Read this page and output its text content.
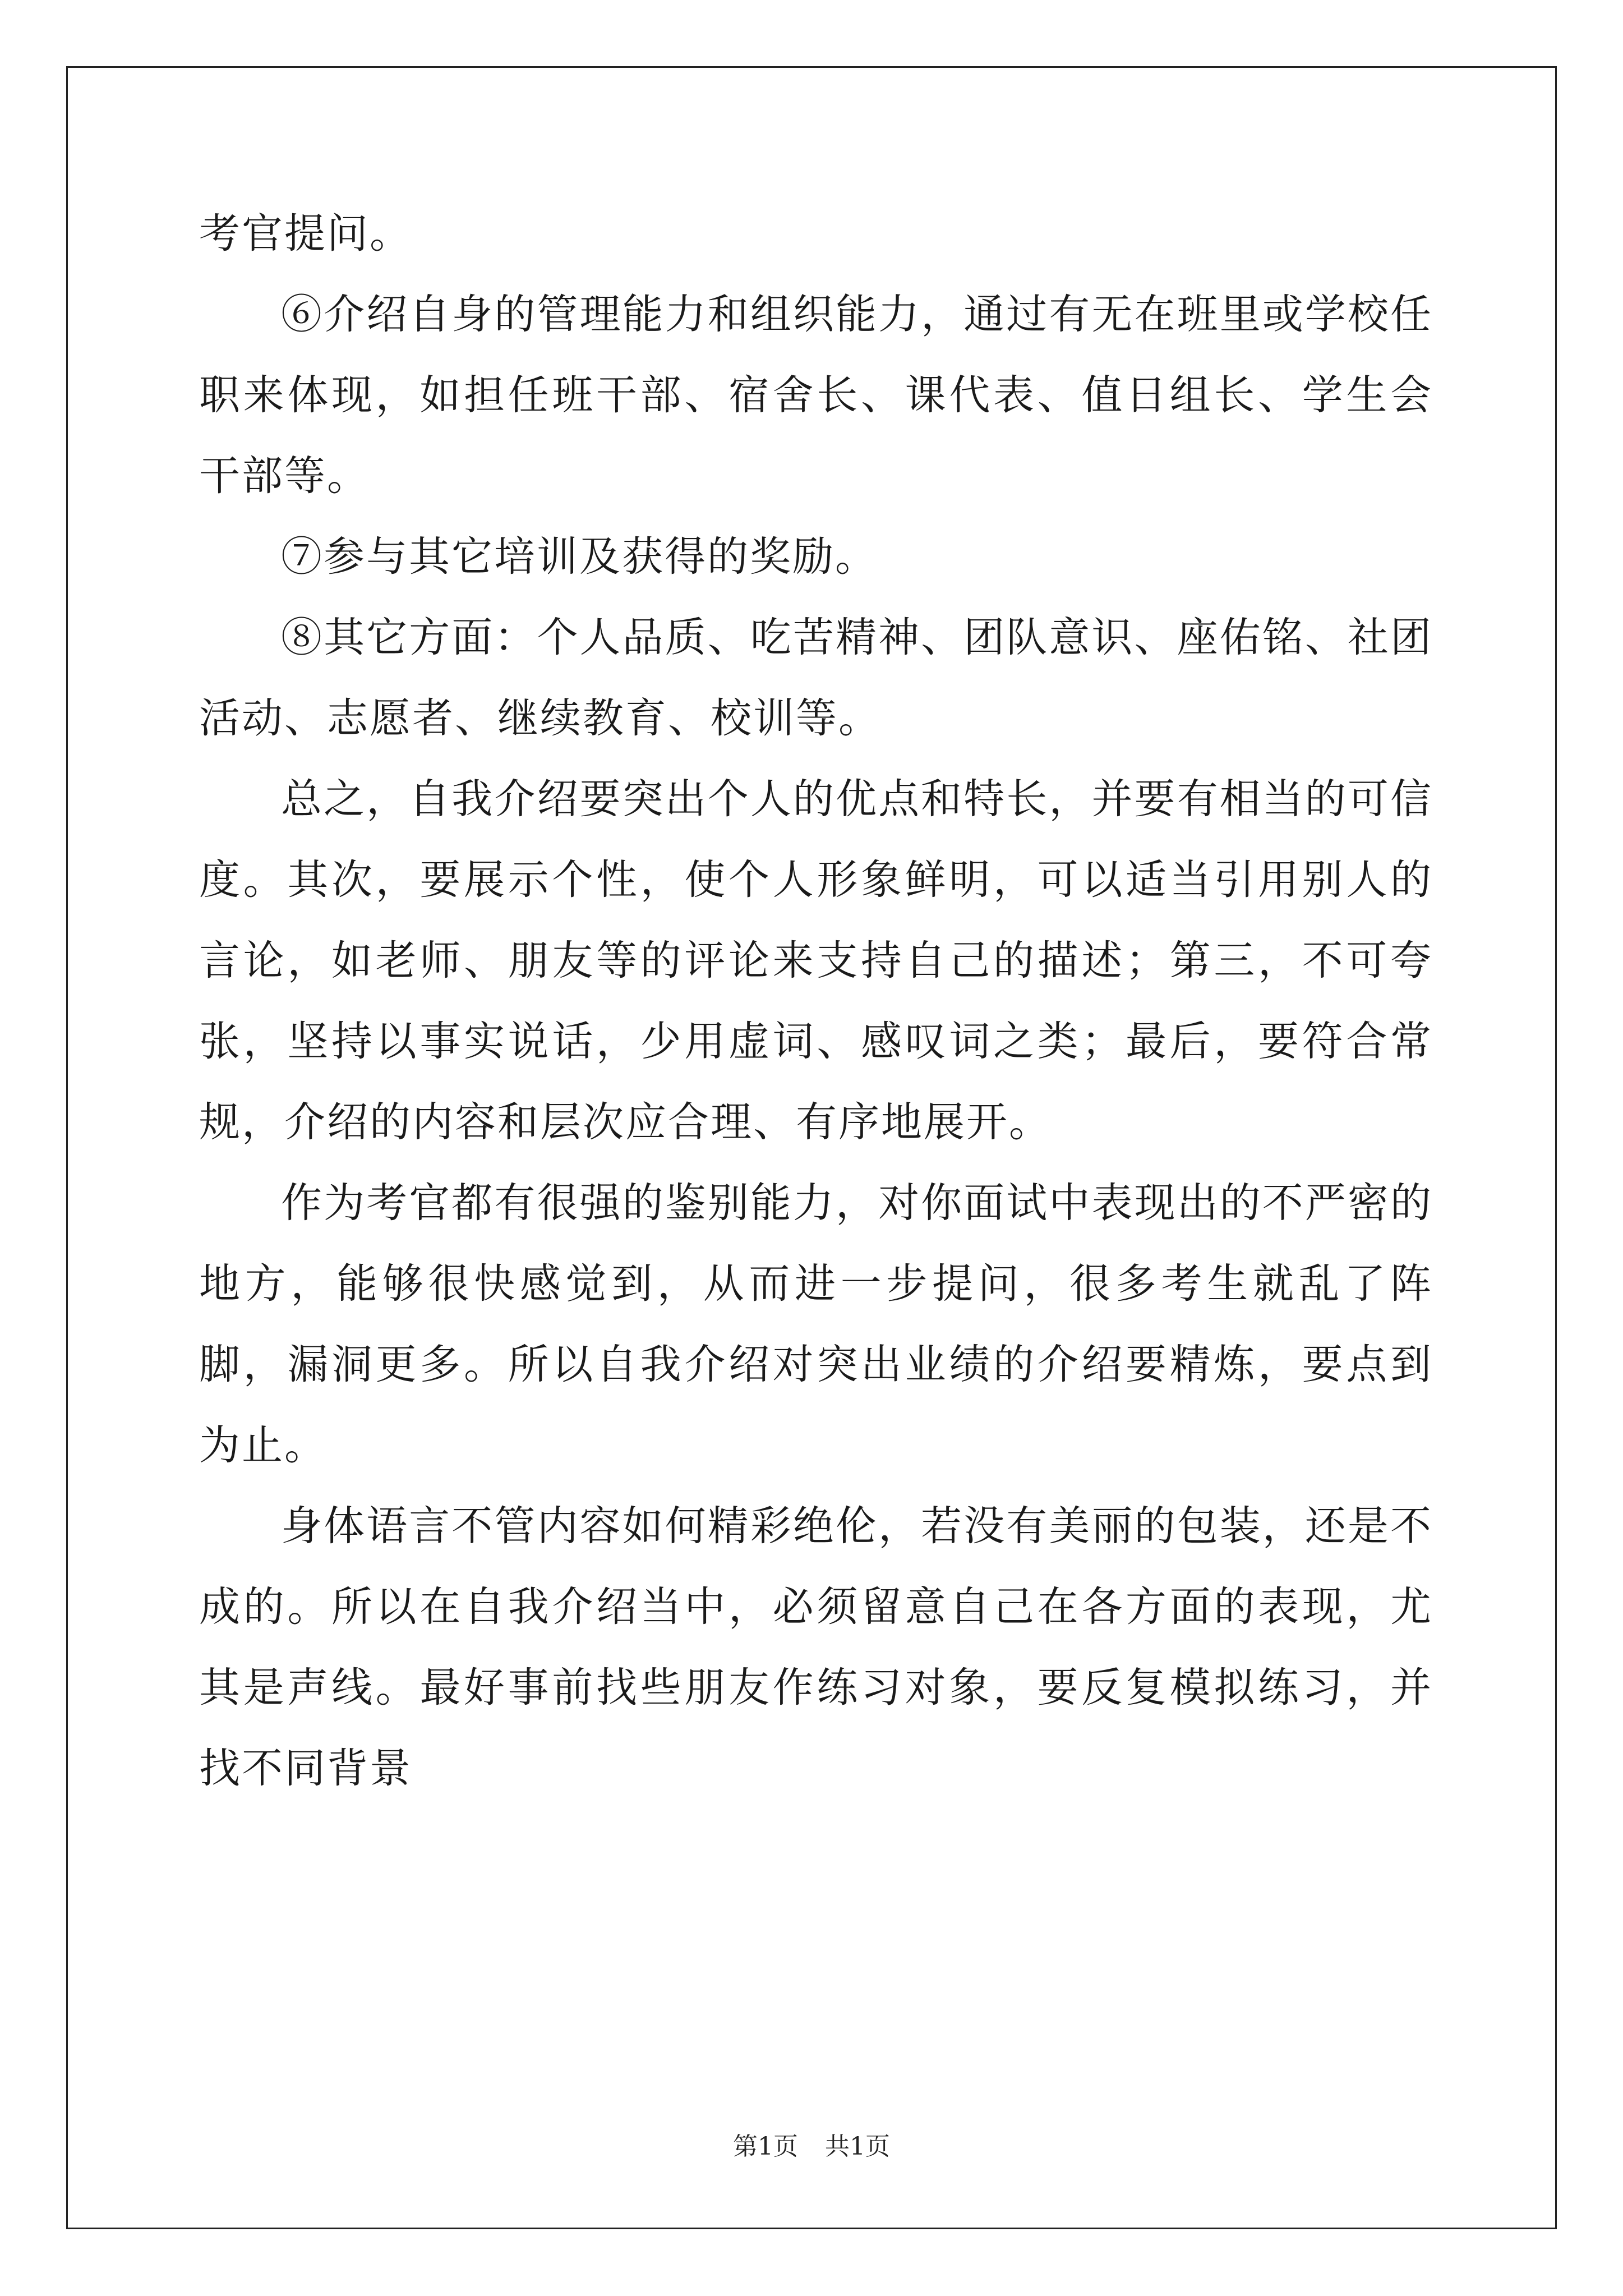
考官提问。

⑥介绍自身的管理能力和组织能力，通过有无在班里或学校任职来体现，如担任班干部、宿舍长、课代表、值日组长、学生会干部等。

⑦参与其它培训及获得的奖励。

⑧其它方面：个人品质、吃苦精神、团队意识、座佑铭、社团活动、志愿者、继续教育、校训等。

总之，自我介绍要突出个人的优点和特长，并要有相当的可信度。其次，要展示个性，使个人形象鲜明，可以适当引用别人的言论，如老师、朋友等的评论来支持自己的描述；第三，不可夸张，坚持以事实说话，少用虚词、感叹词之类；最后，要符合常规，介绍的内容和层次应合理、有序地展开。

作为考官都有很强的鉴别能力，对你面试中表现出的不严密的地方，能够很快感觉到，从而进一步提问，很多考生就乱了阵脚，漏洞更多。所以自我介绍对突出业绩的介绍要精炼，要点到为止。

身体语言不管内容如何精彩绝伦，若没有美丽的包装，还是不成的。所以在自我介绍当中，必须留意自己在各方面的表现，尤其是声线。最好事前找些朋友作练习对象，要反复模拟练习，并找不同背景

第1页 共1页
